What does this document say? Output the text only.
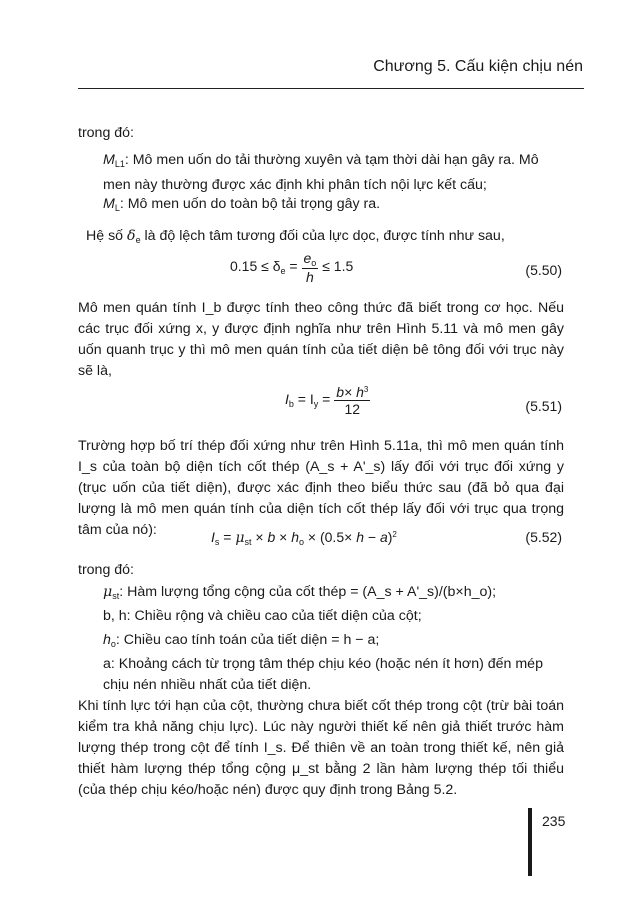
Chương 5. Cấu kiện chịu nén
trong đó:
$M_{L1}$: Mô men uốn do tải thường xuyên và tạm thời dài hạn gây ra. Mô men này thường được xác định khi phân tích nội lực kết cấu;
$M_L$: Mô men uốn do toàn bộ tải trọng gây ra.
Hệ số $\delta_e$ là độ lệch tâm tương đối của lực dọc, được tính như sau,
$0.15 \le \delta_e = \frac{e_o}{h} \le 1.5$	(5.50)
Mô men quán tính I_b được tính theo công thức đã biết trong cơ học. Nếu các trục đối xứng x, y được định nghĩa như trên Hình 5.11 và mô men gây uốn quanh trục y thì mô men quán tính của tiết diện bê tông đối với trục này sẽ là,
$I_b = I_y = \frac{b\times h^3}{12}$	(5.51)
Trường hợp bố trí thép đối xứng như trên Hình 5.11a, thì mô men quán tính I_s của toàn bộ diện tích cốt thép (A_s + A'_s) lấy đối với trục đối xứng y (trục uốn của tiết diện), được xác định theo biểu thức sau (đã bỏ qua đại lượng là mô men quán tính của diện tích cốt thép lấy đối với trục qua trọng tâm của nó):	$I_s = \mu_{st} \times b \times h_o \times (0.5\times h - a)^2$	(5.52)
trong đó:
$\mu_{st}$: Hàm lượng tổng cộng của cốt thép = (A_s + A'_s)/(b×h_o);
b, h: Chiều rộng và chiều cao của tiết diện của cột;
$h_o$: Chiều cao tính toán của tiết diện = h − a;
a: Khoảng cách từ trọng tâm thép chịu kéo (hoặc nén ít hơn) đến mép chịu nén nhiều nhất của tiết diện.
Khi tính lực tới hạn của cột, thường chưa biết cốt thép trong cột (trừ bài toán kiểm tra khả năng chịu lực). Lúc này người thiết kế nên giả thiết trước hàm lượng thép trong cột để tính I_s. Để thiên về an toàn trong thiết kế, nên giả thiết hàm lượng thép tổng cộng μ_st bằng 2 lần hàm lượng thép tối thiểu (của thép chịu kéo/hoặc nén) được quy định trong Bảng 5.2.
235
